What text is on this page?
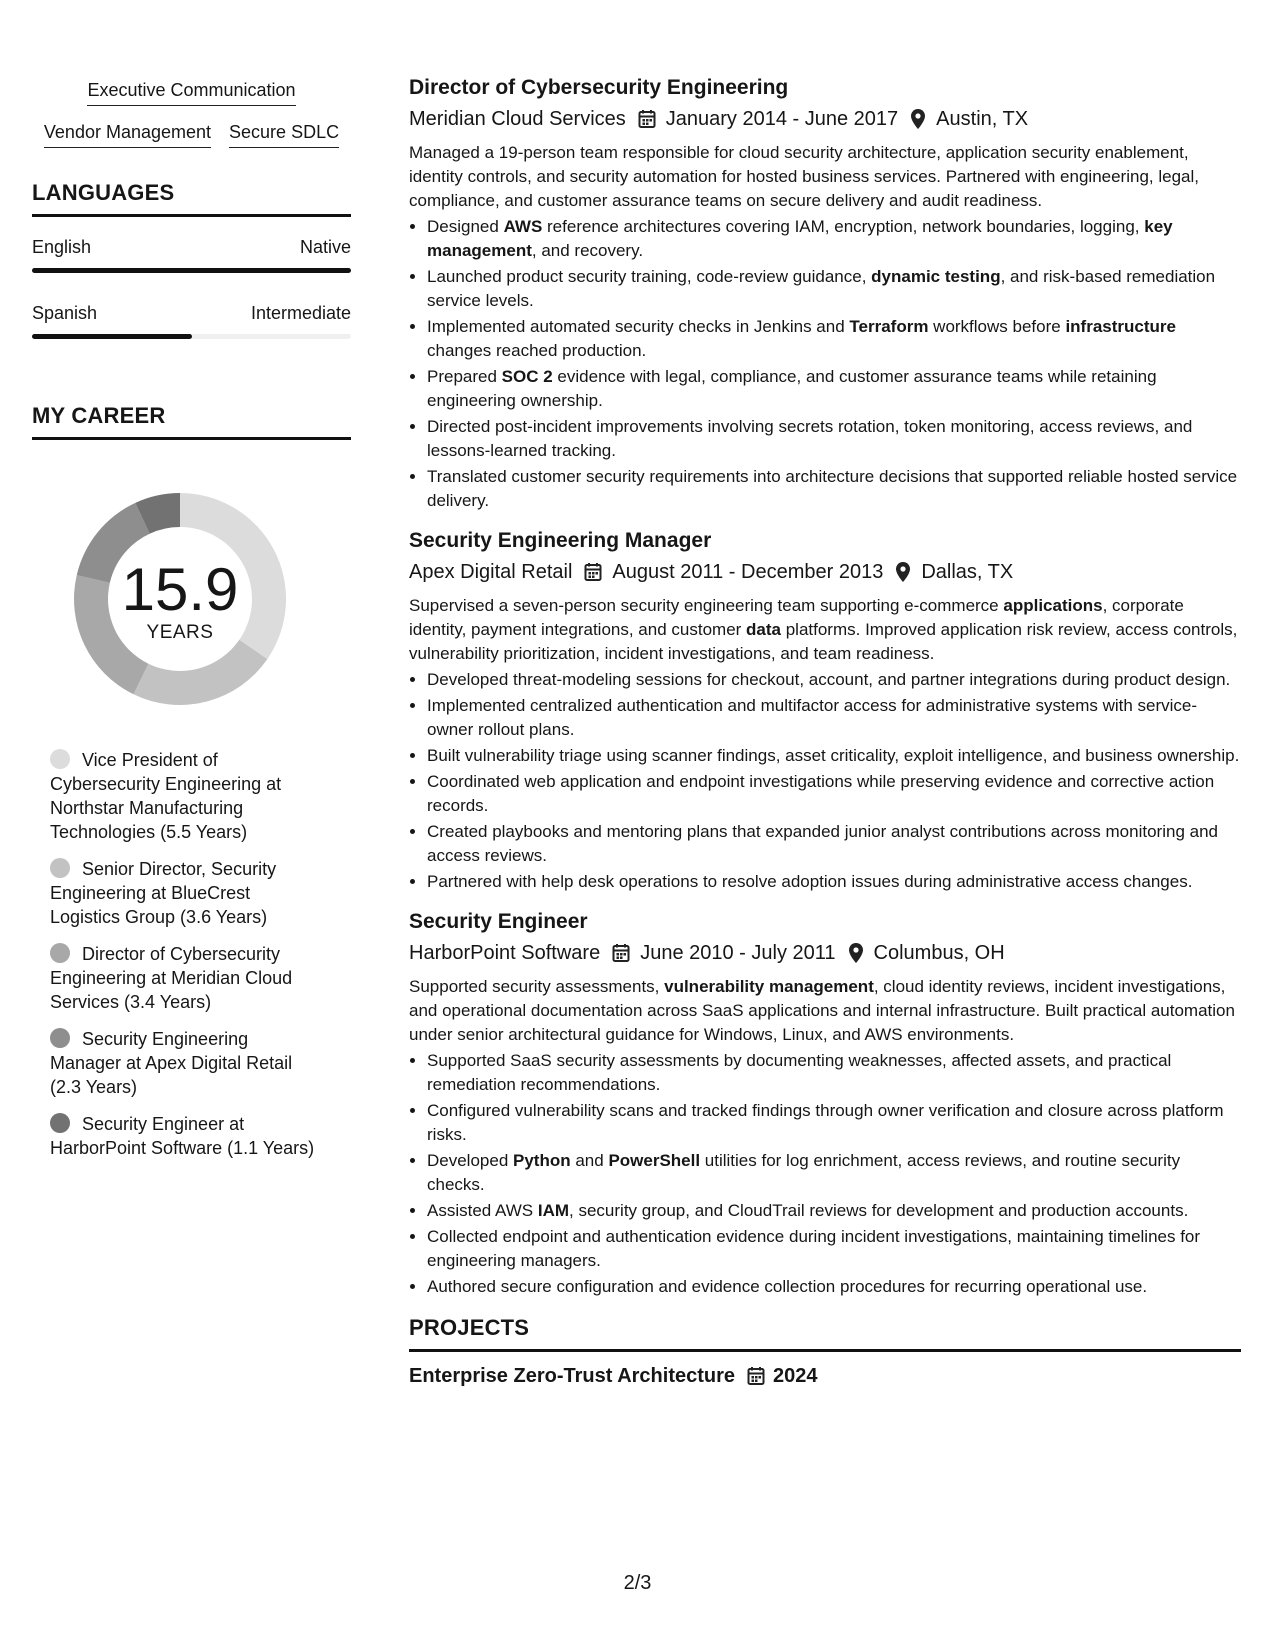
Executive Communication
Vendor Management Secure SDLC
LANGUAGES
English	Native
Spanish	Intermediate
MY CAREER
15.9
YEARS
Vice President of Cybersecurity Engineering at Northstar Manufacturing Technologies (5.5 Years)
Senior Director, Security Engineering at BlueCrest Logistics Group (3.6 Years)
Director of Cybersecurity Engineering at Meridian Cloud Services (3.4 Years)
Security Engineering Manager at Apex Digital Retail (2.3 Years)
Security Engineer at HarborPoint Software (1.1 Years)
Director of Cybersecurity Engineering
Meridian Cloud Services January 2014 - June 2017 Austin, TX
Managed a 19-person team responsible for cloud security architecture, application security enablement, identity controls, and security automation for hosted business services. Partnered with engineering, legal, compliance, and customer assurance teams on secure delivery and audit readiness.
• Designed AWS reference architectures covering IAM, encryption, network boundaries, logging, key management, and recovery.
• Launched product security training, code-review guidance, dynamic testing, and risk-based remediation service levels.
• Implemented automated security checks in Jenkins and Terraform workflows before infrastructure changes reached production.
• Prepared SOC 2 evidence with legal, compliance, and customer assurance teams while retaining engineering ownership.
• Directed post-incident improvements involving secrets rotation, token monitoring, access reviews, and lessons-learned tracking.
• Translated customer security requirements into architecture decisions that supported reliable hosted service delivery.
Security Engineering Manager
Apex Digital Retail August 2011 - December 2013 Dallas, TX
Supervised a seven-person security engineering team supporting e-commerce applications, corporate identity, payment integrations, and customer data platforms. Improved application risk review, access controls, vulnerability prioritization, incident investigations, and team readiness.
• Developed threat-modeling sessions for checkout, account, and partner integrations during product design.
• Implemented centralized authentication and multifactor access for administrative systems with service-owner rollout plans.
• Built vulnerability triage using scanner findings, asset criticality, exploit intelligence, and business ownership.
• Coordinated web application and endpoint investigations while preserving evidence and corrective action records.
• Created playbooks and mentoring plans that expanded junior analyst contributions across monitoring and access reviews.
• Partnered with help desk operations to resolve adoption issues during administrative access changes.
Security Engineer
HarborPoint Software June 2010 - July 2011 Columbus, OH
Supported security assessments, vulnerability management, cloud identity reviews, incident investigations, and operational documentation across SaaS applications and internal infrastructure. Built practical automation under senior architectural guidance for Windows, Linux, and AWS environments.
• Supported SaaS security assessments by documenting weaknesses, affected assets, and practical remediation recommendations.
• Configured vulnerability scans and tracked findings through owner verification and closure across platform risks.
• Developed Python and PowerShell utilities for log enrichment, access reviews, and routine security checks.
• Assisted AWS IAM, security group, and CloudTrail reviews for development and production accounts.
• Collected endpoint and authentication evidence during incident investigations, maintaining timelines for engineering managers.
• Authored secure configuration and evidence collection procedures for recurring operational use.
PROJECTS
Enterprise Zero-Trust Architecture 2024
2/3
